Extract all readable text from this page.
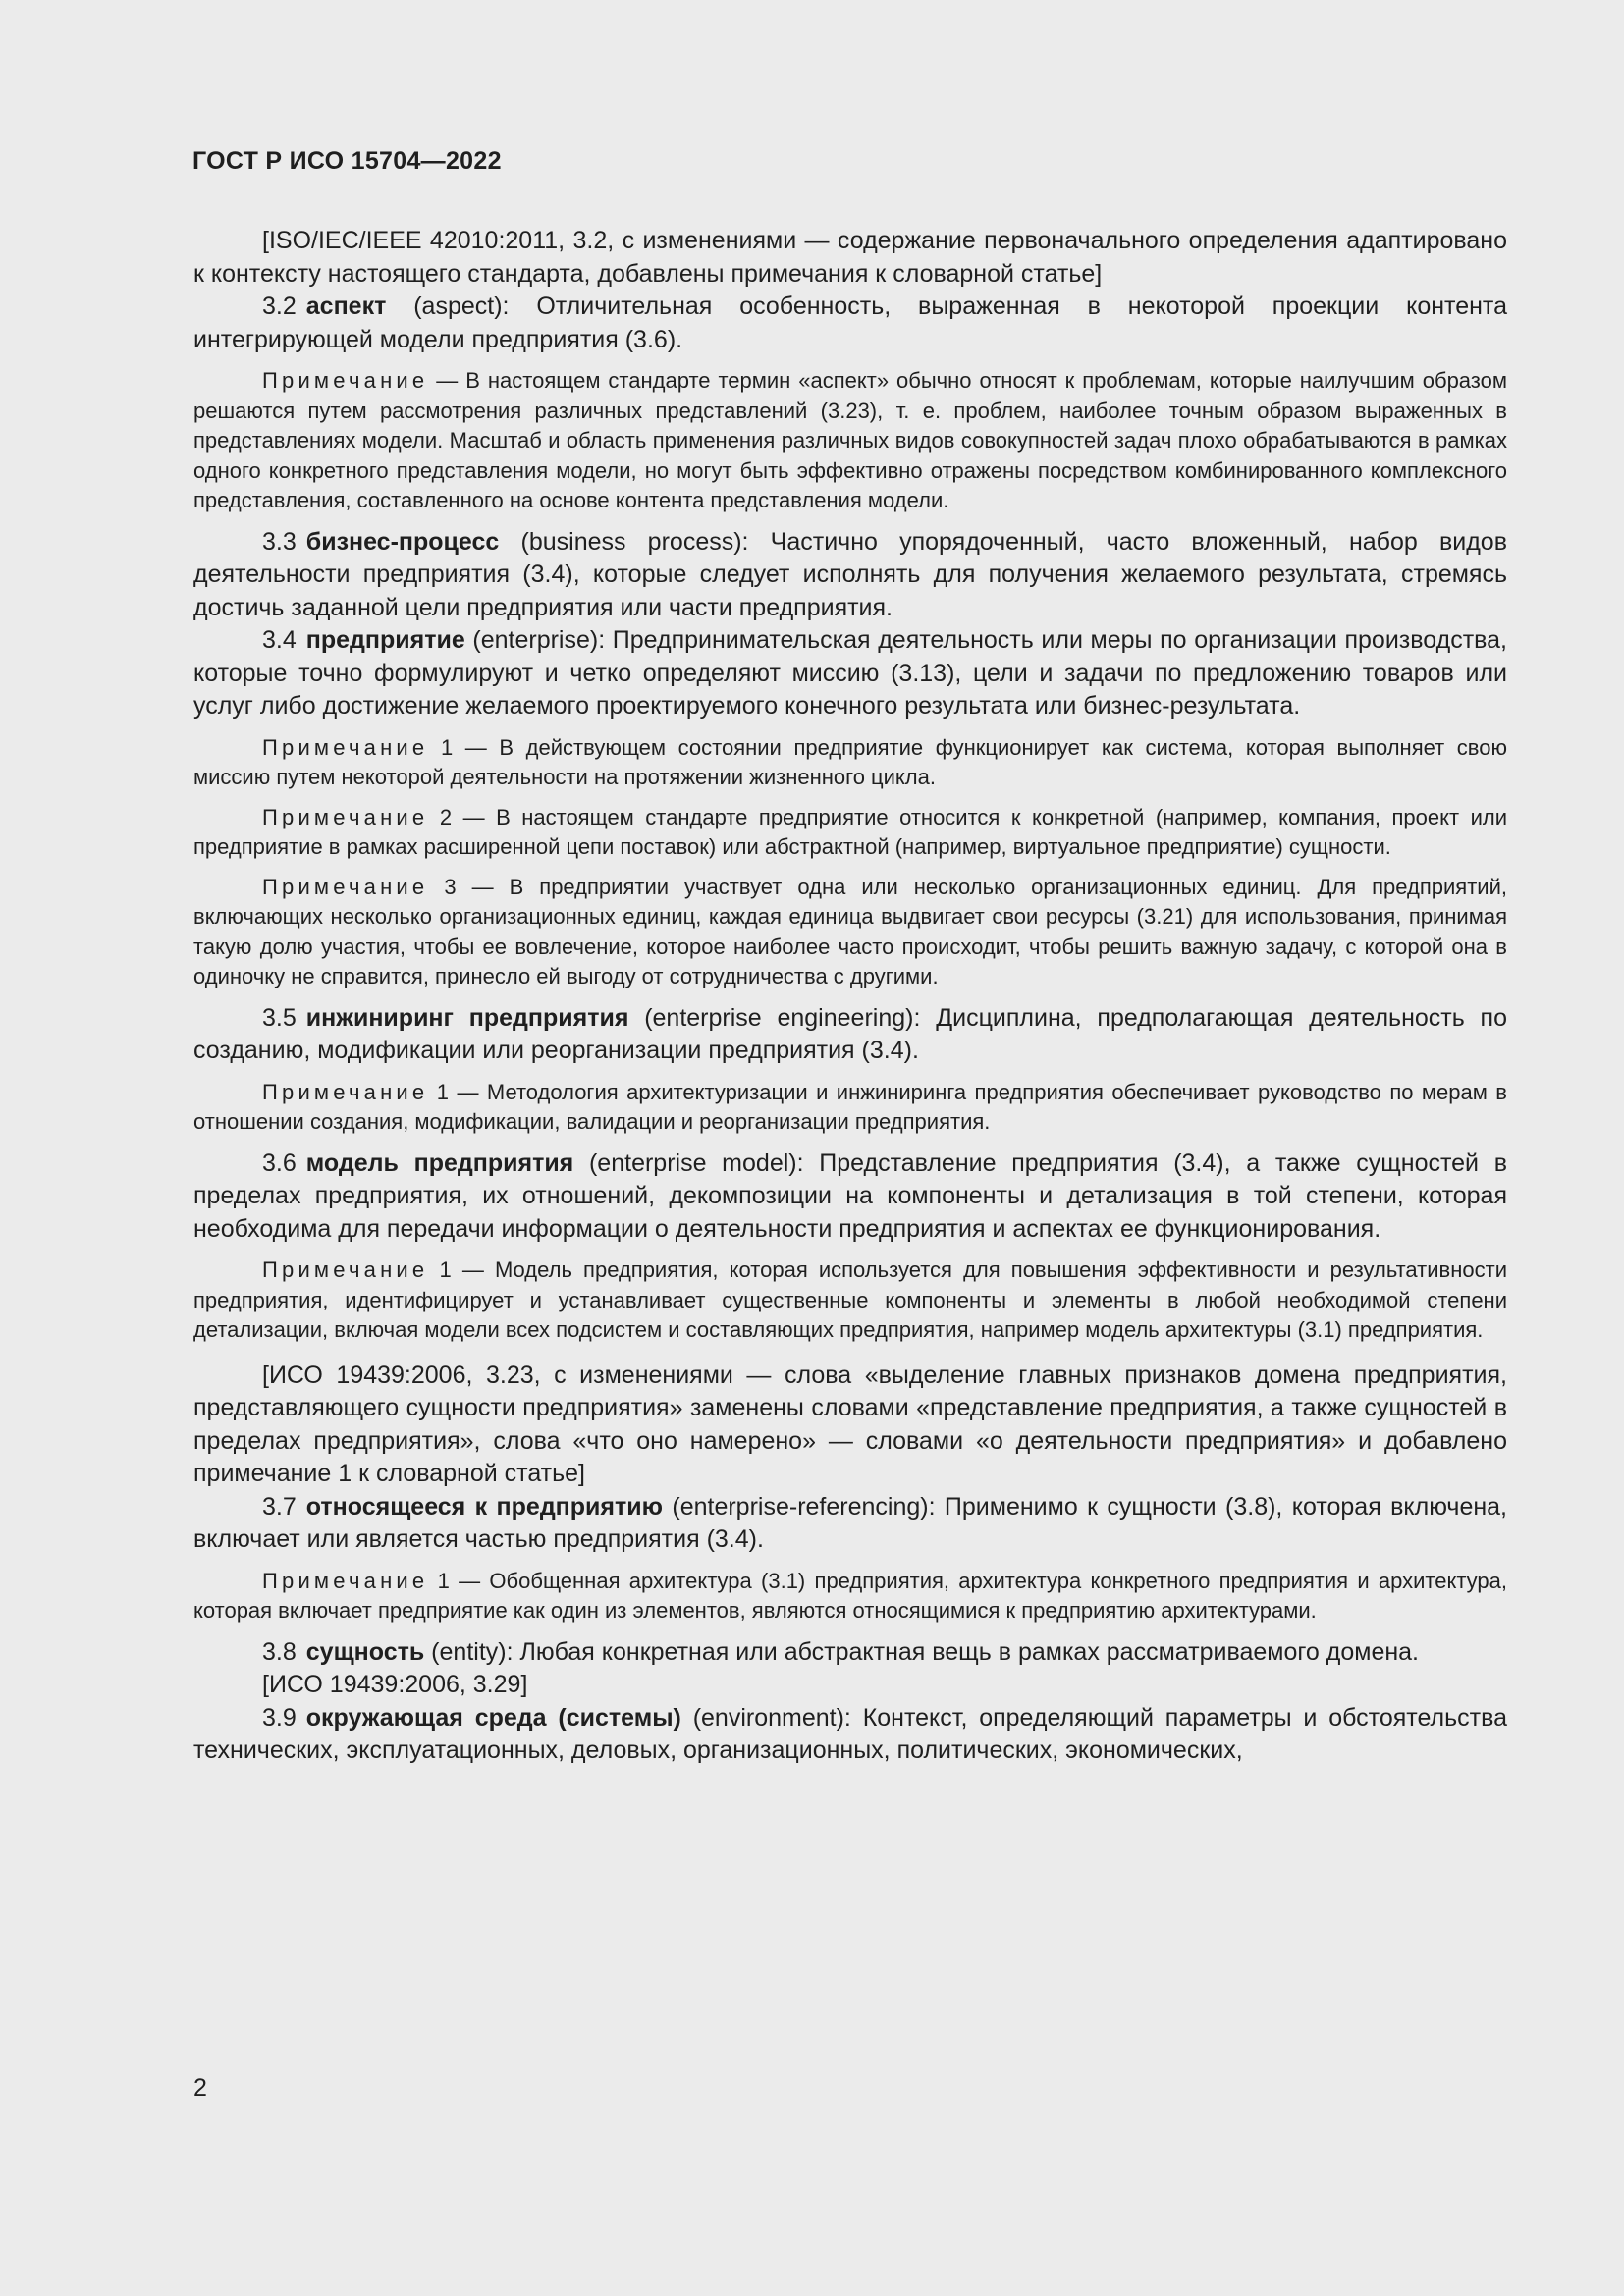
ГОСТ Р ИСО 15704—2022

[ISO/IEC/IEEE 42010:2011, 3.2, с изменениями — содержание первоначального определения адаптировано к контексту настоящего стандарта, добавлены примечания к словарной статье]

3.2 аспект (aspect): Отличительная особенность, выраженная в некоторой проекции контента интегрирующей модели предприятия (3.6).

Примечание — В настоящем стандарте термин «аспект» обычно относят к проблемам, которые наилучшим образом решаются путем рассмотрения различных представлений (3.23), т. е. проблем, наиболее точным образом выраженных в представлениях модели. Масштаб и область применения различных видов совокупностей задач плохо обрабатываются в рамках одного конкретного представления модели, но могут быть эффективно отражены посредством комбинированного комплексного представления, составленного на основе контента представления модели.

3.3 бизнес-процесс (business process): Частично упорядоченный, часто вложенный, набор видов деятельности предприятия (3.4), которые следует исполнять для получения желаемого результата, стремясь достичь заданной цели предприятия или части предприятия.

3.4 предприятие (enterprise): Предпринимательская деятельность или меры по организации производства, которые точно формулируют и четко определяют миссию (3.13), цели и задачи по предложению товаров или услуг либо достижение желаемого проектируемого конечного результата или бизнес-результата.

Примечание 1 — В действующем состоянии предприятие функционирует как система, которая выполняет свою миссию путем некоторой деятельности на протяжении жизненного цикла.

Примечание 2 — В настоящем стандарте предприятие относится к конкретной (например, компания, проект или предприятие в рамках расширенной цепи поставок) или абстрактной (например, виртуальное предприятие) сущности.

Примечание 3 — В предприятии участвует одна или несколько организационных единиц. Для предприятий, включающих несколько организационных единиц, каждая единица выдвигает свои ресурсы (3.21) для использования, принимая такую долю участия, чтобы ее вовлечение, которое наиболее часто происходит, чтобы решить важную задачу, с которой она в одиночку не справится, принесло ей выгоду от сотрудничества с другими.

3.5 инжиниринг предприятия (enterprise engineering): Дисциплина, предполагающая деятельность по созданию, модификации или реорганизации предприятия (3.4).

Примечание 1 — Методология архитектуризации и инжиниринга предприятия обеспечивает руководство по мерам в отношении создания, модификации, валидации и реорганизации предприятия.

3.6 модель предприятия (enterprise model): Представление предприятия (3.4), а также сущностей в пределах предприятия, их отношений, декомпозиции на компоненты и детализация в той степени, которая необходима для передачи информации о деятельности предприятия и аспектах ее функционирования.

Примечание 1 — Модель предприятия, которая используется для повышения эффективности и результативности предприятия, идентифицирует и устанавливает существенные компоненты и элементы в любой необходимой степени детализации, включая модели всех подсистем и составляющих предприятия, например модель архитектуры (3.1) предприятия.

[ИСО 19439:2006, 3.23, с изменениями — слова «выделение главных признаков домена предприятия, представляющего сущности предприятия» заменены словами «представление предприятия, а также сущностей в пределах предприятия», слова «что оно намерено» — словами «о деятельности предприятия» и добавлено примечание 1 к словарной статье]

3.7 относящееся к предприятию (enterprise-referencing): Применимо к сущности (3.8), которая включена, включает или является частью предприятия (3.4).

Примечание 1 — Обобщенная архитектура (3.1) предприятия, архитектура конкретного предприятия и архитектура, которая включает предприятие как один из элементов, являются относящимися к предприятию архитектурами.

3.8 сущность (entity): Любая конкретная или абстрактная вещь в рамках рассматриваемого домена.

[ИСО 19439:2006, 3.29]

3.9 окружающая среда (системы) (environment): Контекст, определяющий параметры и обстоятельства технических, эксплуатационных, деловых, организационных, политических, экономических,

2
